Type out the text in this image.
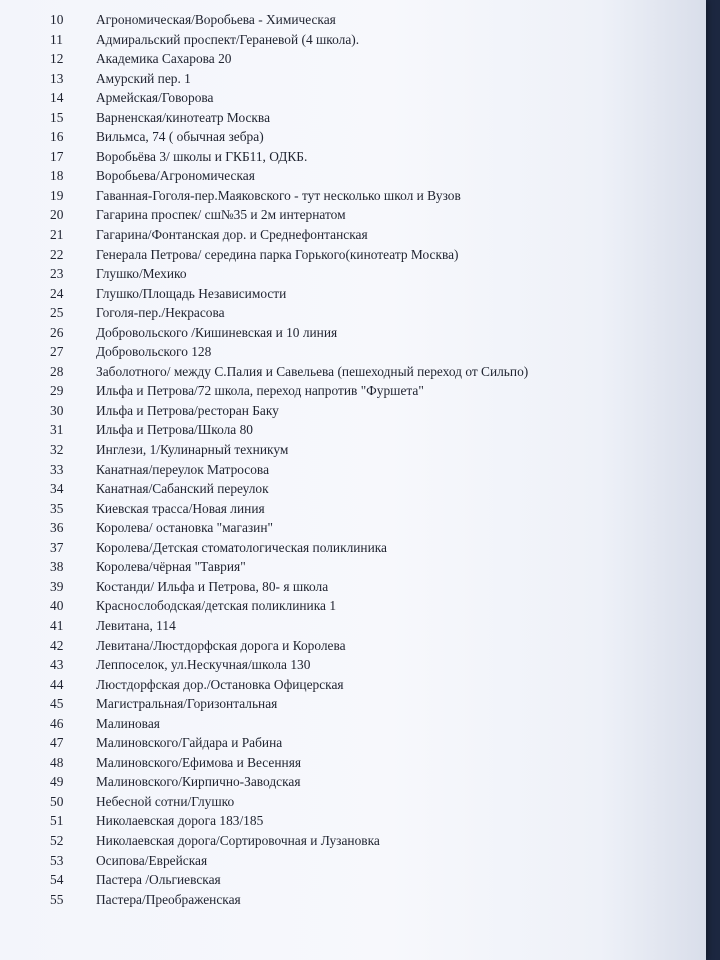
10	Агрономическая/Воробьева - Химическая
11	Адмиральский проспект/Гераневой (4 школа).
12	Академика Сахарова 20
13	Амурский пер. 1
14	Армейская/Говорова
15	Варненская/кинотеатр Москва
16	Вильмса, 74 ( обычная зебра)
17	Воробьёва 3/ школы и ГКБ11, ОДКБ.
18	Воробьева/Агрономическая
19	Гаванная-Гоголя-пер.Маяковского - тут несколько школ и Вузов
20	Гагарина проспек/ сш№35 и 2м интернатом
21	Гагарина/Фонтанская дор. и Среднефонтанская
22	Генерала Петрова/ середина парка Горького(кинотеатр Москва)
23	Глушко/Мехико
24	Глушко/Площадь Независимости
25	Гоголя-пер./Некрасова
26	Добровольского /Кишиневская и 10 линия
27	Добровольского 128
28	Заболотного/ между С.Палия и Савельева (пешеходный переход от Сильпо)
29	Ильфа и Петрова/72 школа, переход напротив "Фуршета"
30	Ильфа и Петрова/ресторан Баку
31	Ильфа и Петрова/Школа 80
32	Инглези, 1/Кулинарный техникум
33	Канатная/переулок Матросова
34	Канатная/Сабанский переулок
35	Киевская трасса/Новая линия
36	Королева/ остановка "магазин"
37	Королева/Детская стоматологическая поликлиника
38	Королева/чёрная "Таврия"
39	Костанди/ Ильфа и Петрова, 80- я школа
40	Краснослободская/детская поликлиника 1
41	Левитана, 114
42	Левитана/Люстдорфская дорога и Королева
43	Леппоселок, ул.Нескучная/школа 130
44	Люстдорфская дор./Остановка Офицерская
45	Магистральная/Горизонтальная
46	Малиновая
47	Малиновского/Гайдара и Рабина
48	Малиновского/Ефимова и Весенняя
49	Малиновского/Кирпично-Заводская
50	Небесной сотни/Глушко
51	Николаевская дорога 183/185
52	Николаевская дорога/Сортировочная и Лузановка
53	Осипова/Еврейская
54	Пастера /Ольгиевская
55	Пастера/Преображенская
